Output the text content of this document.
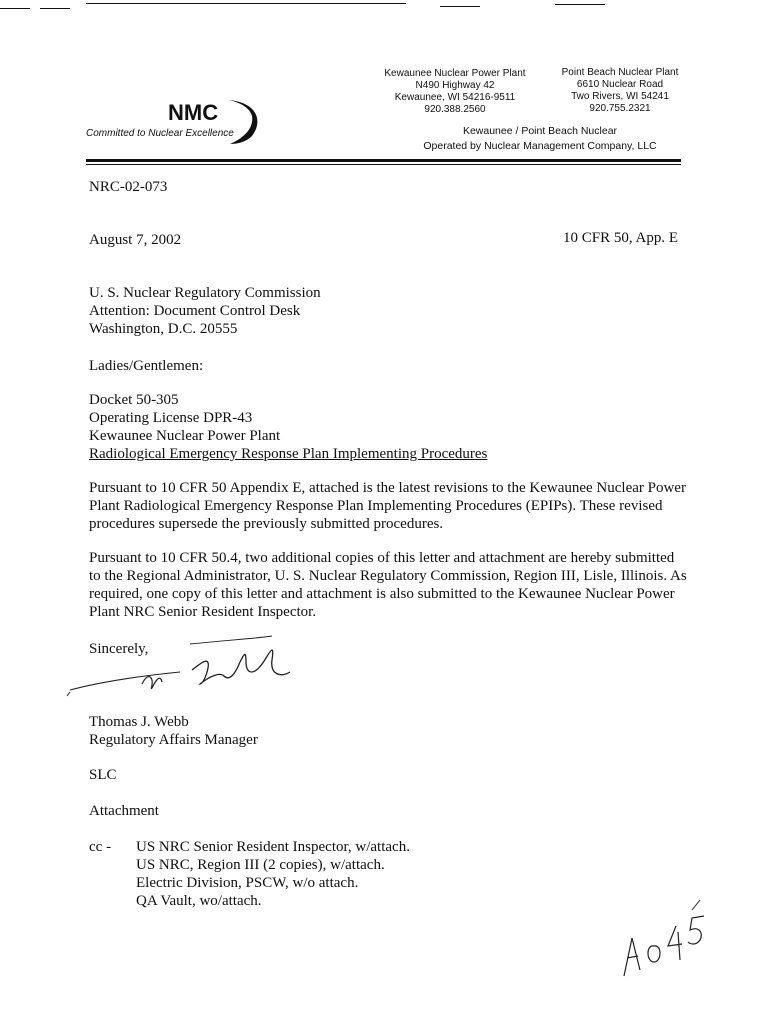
NMC
Committed to Nuclear Excellence
Kewaunee Nuclear Power Plant
N490 Highway 42
Kewaunee, WI 54216-9511
920.388.2560
Point Beach Nuclear Plant
6610 Nuclear Road
Two Rivers, WI 54241
920.755.2321
Kewaunee / Point Beach Nuclear
Operated by Nuclear Management Company, LLC
NRC-02-073
August 7, 2002	10 CFR 50, App. E
U. S. Nuclear Regulatory Commission
Attention: Document Control Desk
Washington, D.C. 20555
Ladies/Gentlemen:
Docket 50-305
Operating License DPR-43
Kewaunee Nuclear Power Plant
Radiological Emergency Response Plan Implementing Procedures
Pursuant to 10 CFR 50 Appendix E, attached is the latest revisions to the Kewaunee Nuclear Power
Plant Radiological Emergency Response Plan Implementing Procedures (EPIPs). These revised
procedures supersede the previously submitted procedures.
Pursuant to 10 CFR 50.4, two additional copies of this letter and attachment are hereby submitted
to the Regional Administrator, U. S. Nuclear Regulatory Commission, Region III, Lisle, Illinois. As
required, one copy of this letter and attachment is also submitted to the Kewaunee Nuclear Power
Plant NRC Senior Resident Inspector.
Sincerely,
Thomas J. Webb
Regulatory Affairs Manager
SLC
Attachment
cc - US NRC Senior Resident Inspector, w/attach.
US NRC, Region III (2 copies), w/attach.
Electric Division, PSCW, w/o attach.
QA Vault, wo/attach.
